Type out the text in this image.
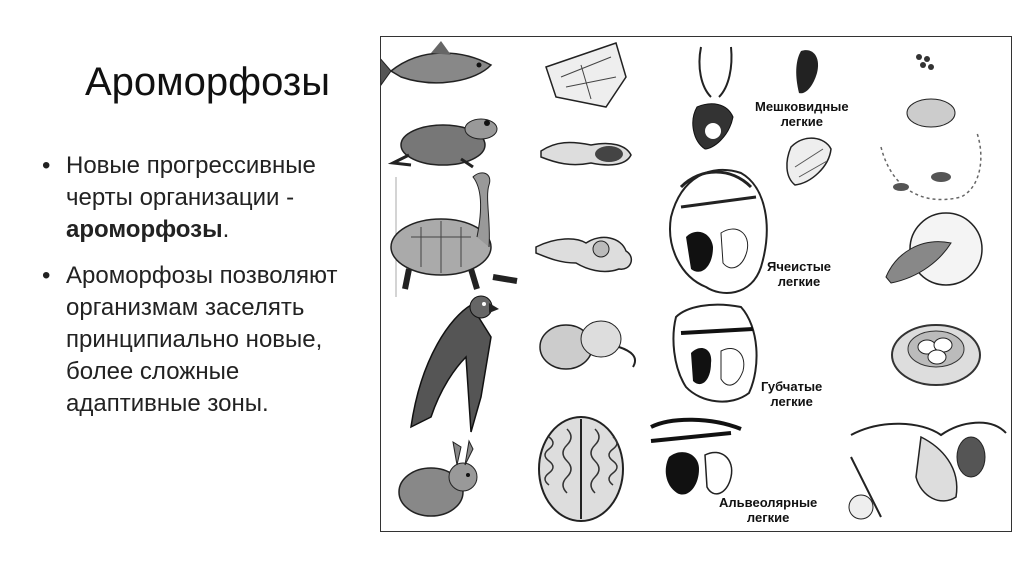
Ароморфозы
• Новые прогрессивные черты организации - ароморфозы.
• Ароморфозы позволяют организмам заселять принципиально новые, более сложные адаптивные зоны.
Мешковидные
легкие
Ячеистые
легкие
Губчатые
легкие
Альвеолярные
легкие
